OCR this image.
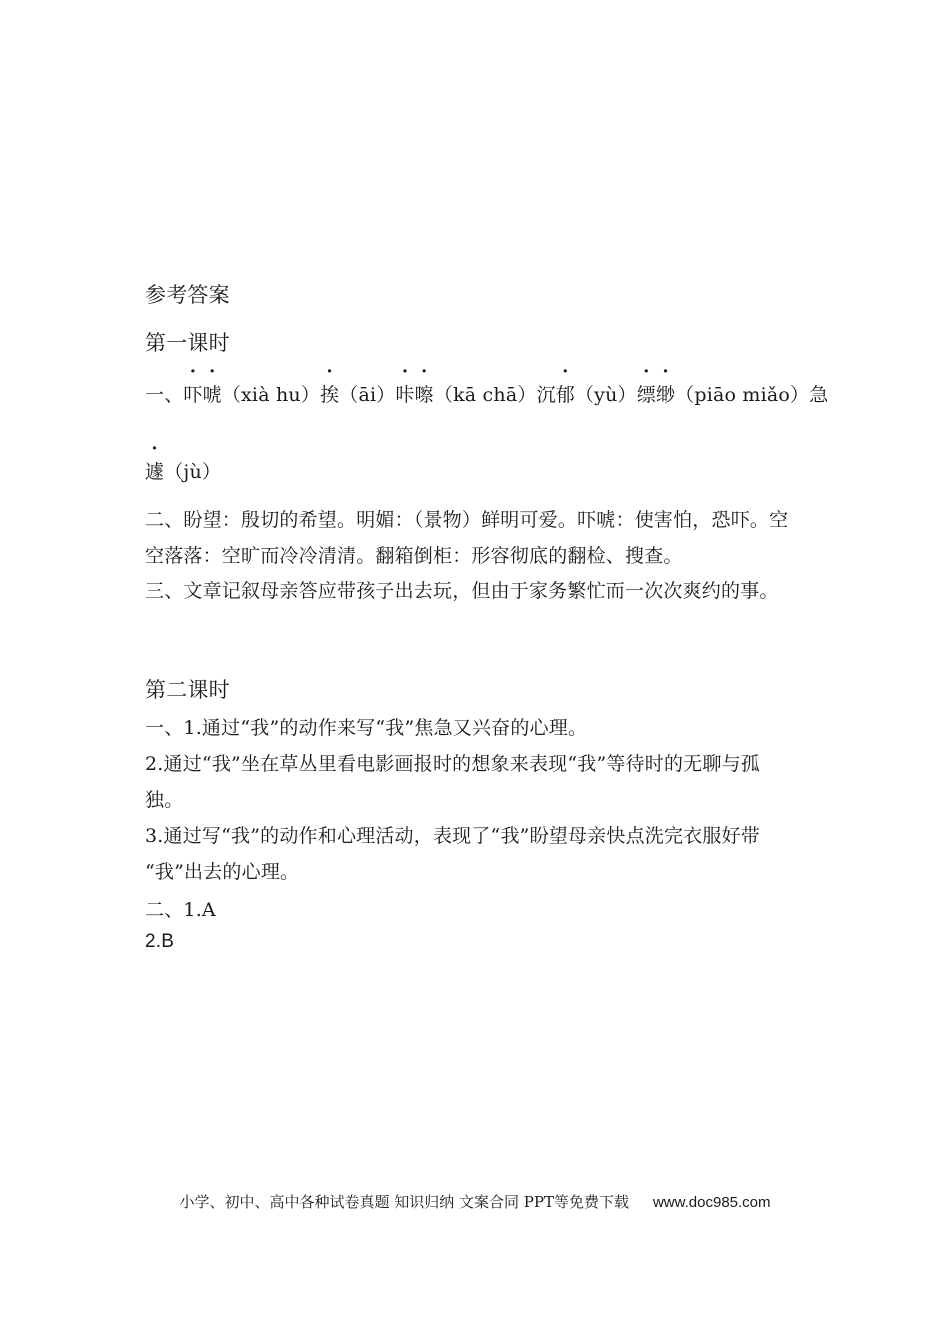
参考答案
第一课时
一、吓唬（xià hu）挨（āi）咔嚓（kā chā）沉郁（yù）缥缈（piāo miǎo）急
遽（jù）
二、盼望：殷切的希望。明媚：（景物）鲜明可爱。吓唬：使害怕，恐吓。空
空落落：空旷而冷冷清清。翻箱倒柜：形容彻底的翻检、搜查。
三、文章记叙母亲答应带孩子出去玩，但由于家务繁忙而一次次爽约的事。
第二课时
一、1.通过“我”的动作来写“我”焦急又兴奋的心理。
2.通过“我”坐在草丛里看电影画报时的想象来表现“我”等待时的无聊与孤
独。
3.通过写“我”的动作和心理活动，表现了“我”盼望母亲快点洗完衣服好带
“我”出去的心理。
二、1.A
2.B
小学、初中、高中各种试卷真题 知识归纳 文案合同 PPT等免费下载 www.doc985.com
